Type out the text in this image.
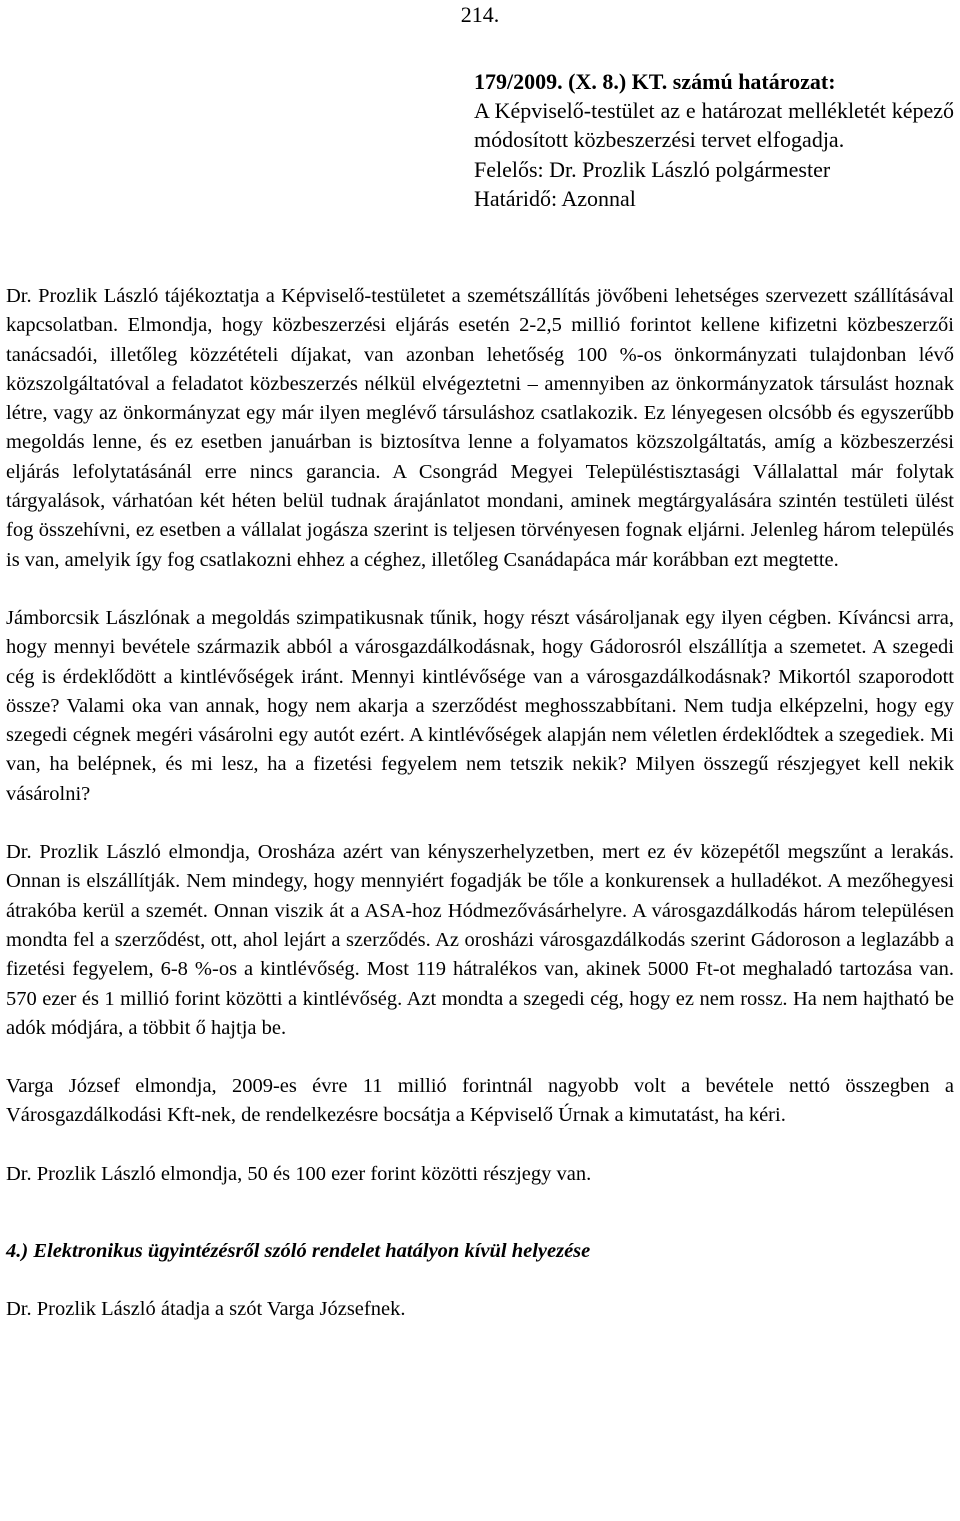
214.
179/2009. (X. 8.) KT. számú határozat:
A Képviselő-testület az e határozat mellékletét képező módosított közbeszerzési tervet elfogadja.
Felelős: Dr. Prozlik László polgármester
Határidő: Azonnal

Dr. Prozlik László tájékoztatja a Képviselő-testületet a szemétszállítás jövőbeni lehetséges szervezett szállításával kapcsolatban. Elmondja, hogy közbeszerzési eljárás esetén 2-2,5 millió forintot kellene kifizetni közbeszerzői tanácsadói, illetőleg közzétételi díjakat, van azonban lehetőség 100 %-os önkormányzati tulajdonban lévő közszolgáltatóval a feladatot közbeszerzés nélkül elvégeztetni – amennyiben az önkormányzatok társulást hoznak létre, vagy az önkormányzat egy már ilyen meglévő társuláshoz csatlakozik. Ez lényegesen olcsóbb és egyszerűbb megoldás lenne, és ez esetben januárban is biztosítva lenne a folyamatos közszolgáltatás, amíg a közbeszerzési eljárás lefolytatásánál erre nincs garancia. A Csongrád Megyei Településtisztasági Vállalattal már folytak tárgyalások, várhatóan két héten belül tudnak árajánlatot mondani, aminek megtárgyalására szintén testületi ülést fog összehívni, ez esetben a vállalat jogásza szerint is teljesen törvényesen fognak eljárni. Jelenleg három település is van, amelyik így fog csatlakozni ehhez a céghez, illetőleg Csanádapáca már korábban ezt megtette.

Jámborcsik Lászlónak a megoldás szimpatikusnak tűnik, hogy részt vásároljanak egy ilyen cégben. Kíváncsi arra, hogy mennyi bevétele származik abból a városgazdálkodásnak, hogy Gádorosról elszállítja a szemetet. A szegedi cég is érdeklődött a kintlévőségek iránt. Mennyi kintlévősége van a városgazdálkodásnak? Mikortól szaporodott össze? Valami oka van annak, hogy nem akarja a szerződést meghosszabbítani. Nem tudja elképzelni, hogy egy szegedi cégnek megéri vásárolni egy autót ezért. A kintlévőségek alapján nem véletlen érdeklődtek a szegediek. Mi van, ha belépnek, és mi lesz, ha a fizetési fegyelem nem tetszik nekik? Milyen összegű részjegyet kell nekik vásárolni?

Dr. Prozlik László elmondja, Orosháza azért van kényszerhelyzetben, mert ez év közepétől megszűnt a lerakás. Onnan is elszállítják. Nem mindegy, hogy mennyiért fogadják be tőle a konkurensek a hulladékot. A mezőhegyesi átrakóba kerül a szemét. Onnan viszik át a ASA-hoz Hódmezővásárhelyre. A városgazdálkodás három településen mondta fel a szerződést, ott, ahol lejárt a szerződés. Az orosházi városgazdálkodás szerint Gádoroson a leglazább a fizetési fegyelem, 6-8 %-os a kintlévőség. Most 119 hátralékos van, akinek 5000 Ft-ot meghaladó tartozása van. 570 ezer és 1 millió forint közötti a kintlévőség. Azt mondta a szegedi cég, hogy ez nem rossz. Ha nem hajtható be adók módjára, a többit ő hajtja be.

Varga József elmondja, 2009-es évre 11 millió forintnál nagyobb volt a bevétele nettó összegben a Városgazdálkodási Kft-nek, de rendelkezésre bocsátja a Képviselő Úrnak a kimutatást, ha kéri.

Dr. Prozlik László elmondja, 50 és 100 ezer forint közötti részjegy van.

4.) Elektronikus ügyintézésről szóló rendelet hatályon kívül helyezése

Dr. Prozlik László átadja a szót Varga Józsefnek.
